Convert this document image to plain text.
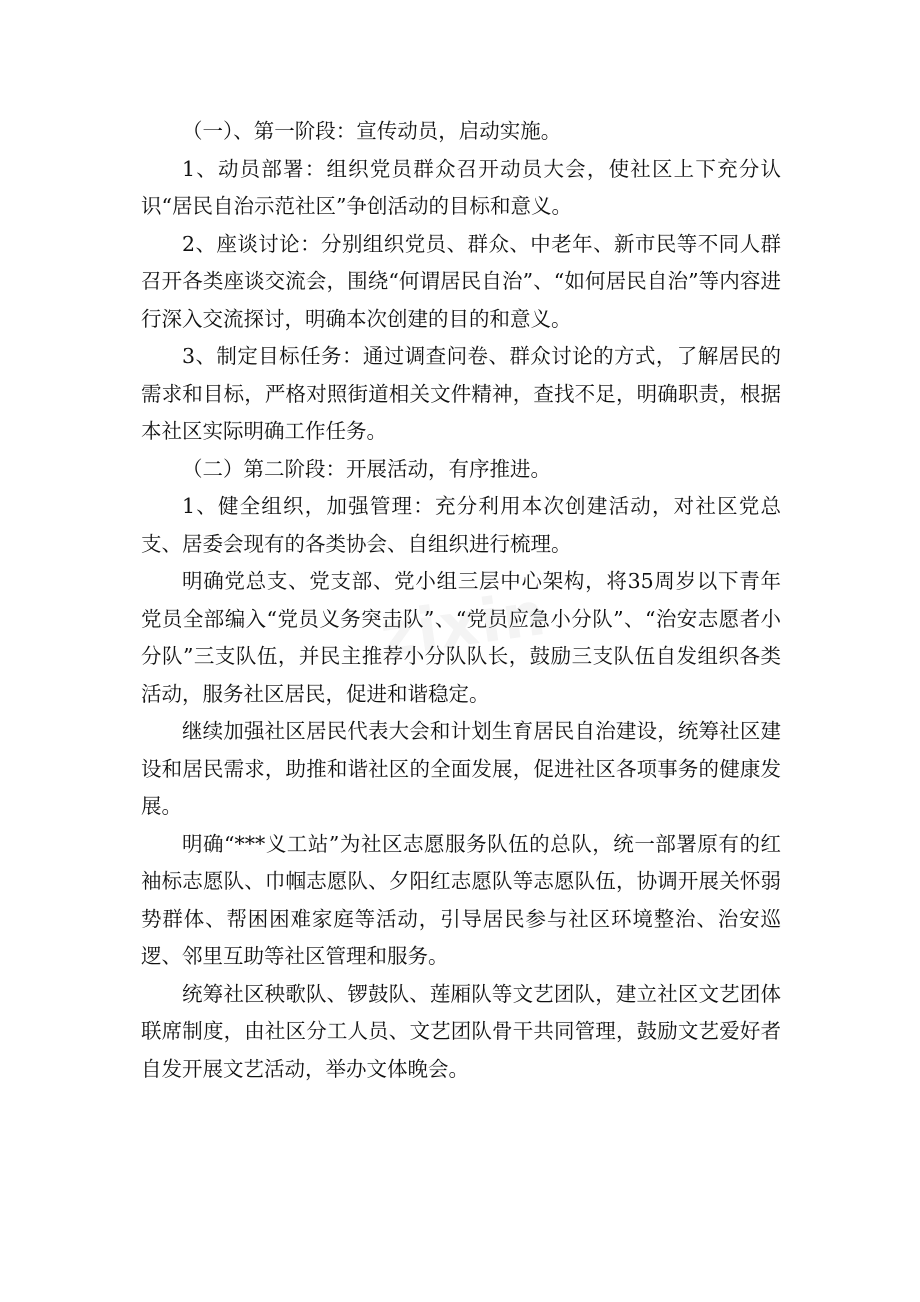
（一）、第一阶段：宣传动员，启动实施。

1、动员部署：组织党员群众召开动员大会，使社区上下充分认识“居民自治示范社区”争创活动的目标和意义。

2、座谈讨论：分别组织党员、群众、中老年、新市民等不同人群召开各类座谈交流会，围绕“何谓居民自治”、“如何居民自治”等内容进行深入交流探讨，明确本次创建的目的和意义。

3、制定目标任务：通过调查问卷、群众讨论的方式，了解居民的需求和目标，严格对照街道相关文件精神，查找不足，明确职责，根据本社区实际明确工作任务。

（二）第二阶段：开展活动，有序推进。

1、健全组织，加强管理：充分利用本次创建活动，对社区党总支、居委会现有的各类协会、自组织进行梳理。

明确党总支、党支部、党小组三层中心架构，将35周岁以下青年党员全部编入“党员义务突击队”、“党员应急小分队”、“治安志愿者小分队”三支队伍，并民主推荐小分队队长，鼓励三支队伍自发组织各类活动，服务社区居民，促进和谐稳定。

继续加强社区居民代表大会和计划生育居民自治建设，统筹社区建设和居民需求，助推和谐社区的全面发展，促进社区各项事务的健康发展。

明确“***义工站”为社区志愿服务队伍的总队，统一部署原有的红袖标志愿队、巾帼志愿队、夕阳红志愿队等志愿队伍，协调开展关怀弱势群体、帮困困难家庭等活动，引导居民参与社区环境整治、治安巡逻、邻里互助等社区管理和服务。

统筹社区秧歌队、锣鼓队、莲厢队等文艺团队，建立社区文艺团体联席制度，由社区分工人员、文艺团队骨干共同管理，鼓励文艺爱好者自发开展文艺活动，举办文体晚会。
